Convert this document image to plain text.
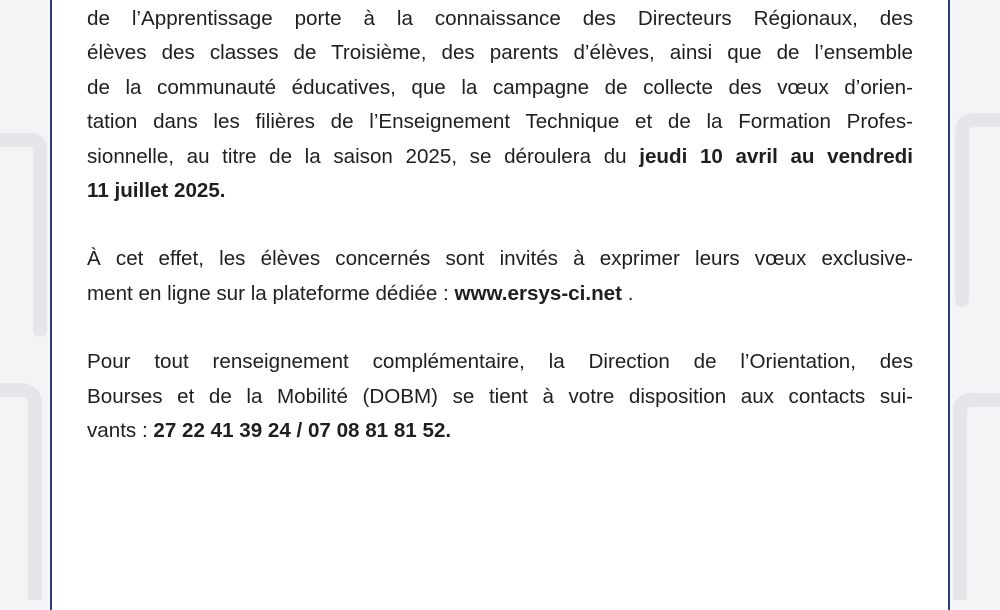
de l’Apprentissage porte à la connaissance des Directeurs Régionaux, des
élèves des classes de Troisième, des parents d’élèves, ainsi que de l’ensemble
de la communauté éducatives, que la campagne de collecte des vœux d’orien-
tation dans les filières de l’Enseignement Technique et de la Formation Profes-
sionnelle, au titre de la saison 2025, se déroulera du jeudi 10 avril au vendredi
11 juillet 2025.
À cet effet, les élèves concernés sont invités à exprimer leurs vœux exclusive-
ment en ligne sur la plateforme dédiée : www.ersys-ci.net .
Pour tout renseignement complémentaire, la Direction de l’Orientation, des
Bourses et de la Mobilité (DOBM) se tient à votre disposition aux contacts sui-
vants : 27 22 41 39 24 / 07 08 81 81 52.
